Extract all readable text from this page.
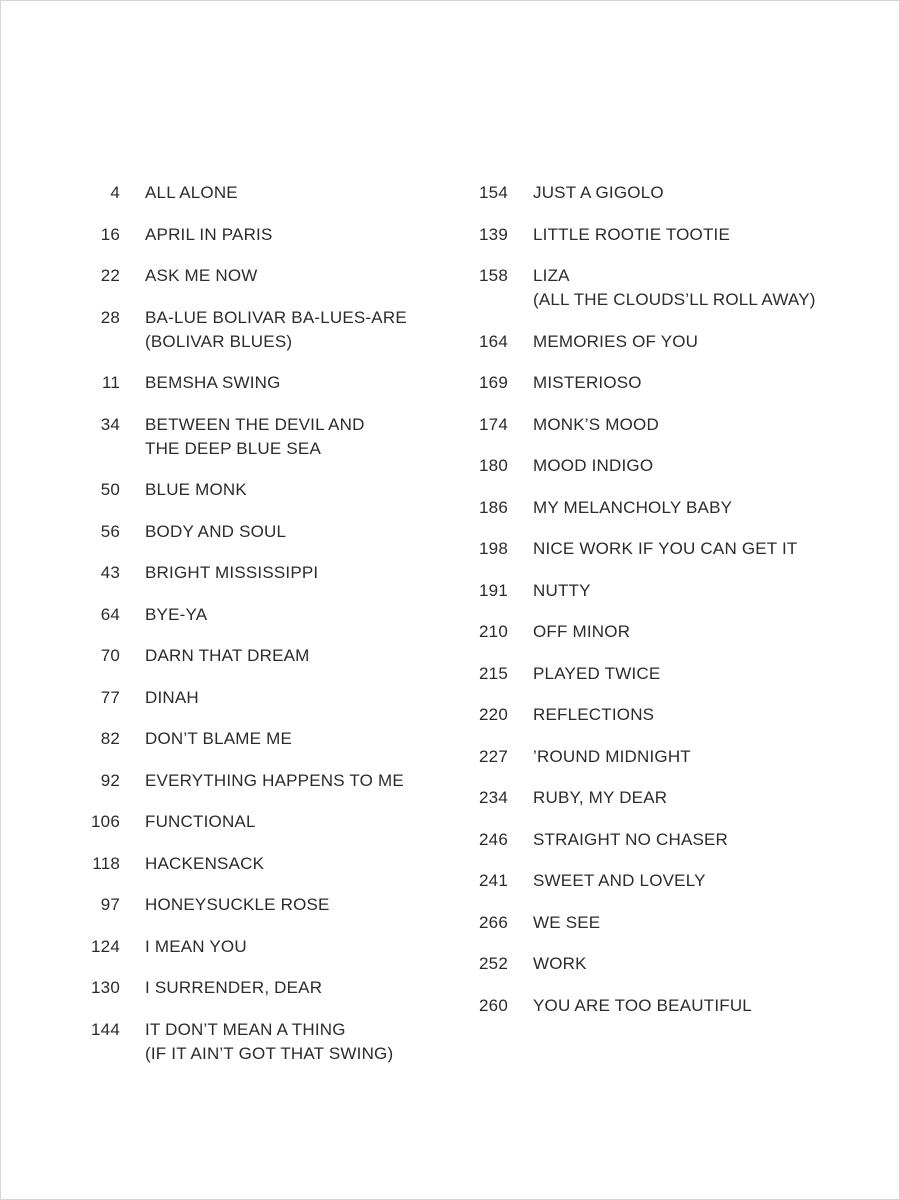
4 ALL ALONE
16 APRIL IN PARIS
22 ASK ME NOW
28 BA-LUE BOLIVAR BA-LUES-ARE
(BOLIVAR BLUES)
11 BEMSHA SWING
34 BETWEEN THE DEVIL AND
THE DEEP BLUE SEA
50 BLUE MONK
56 BODY AND SOUL
43 BRIGHT MISSISSIPPI
64 BYE-YA
70 DARN THAT DREAM
77 DINAH
82 DON’T BLAME ME
92 EVERYTHING HAPPENS TO ME
106 FUNCTIONAL
118 HACKENSACK
97 HONEYSUCKLE ROSE
124 I MEAN YOU
130 I SURRENDER, DEAR
144 IT DON’T MEAN A THING
(IF IT AIN’T GOT THAT SWING)
154 JUST A GIGOLO
139 LITTLE ROOTIE TOOTIE
158 LIZA
(ALL THE CLOUDS’LL ROLL AWAY)
164 MEMORIES OF YOU
169 MISTERIOSO
174 MONK’S MOOD
180 MOOD INDIGO
186 MY MELANCHOLY BABY
198 NICE WORK IF YOU CAN GET IT
191 NUTTY
210 OFF MINOR
215 PLAYED TWICE
220 REFLECTIONS
227 ’ROUND MIDNIGHT
234 RUBY, MY DEAR
246 STRAIGHT NO CHASER
241 SWEET AND LOVELY
266 WE SEE
252 WORK
260 YOU ARE TOO BEAUTIFUL
